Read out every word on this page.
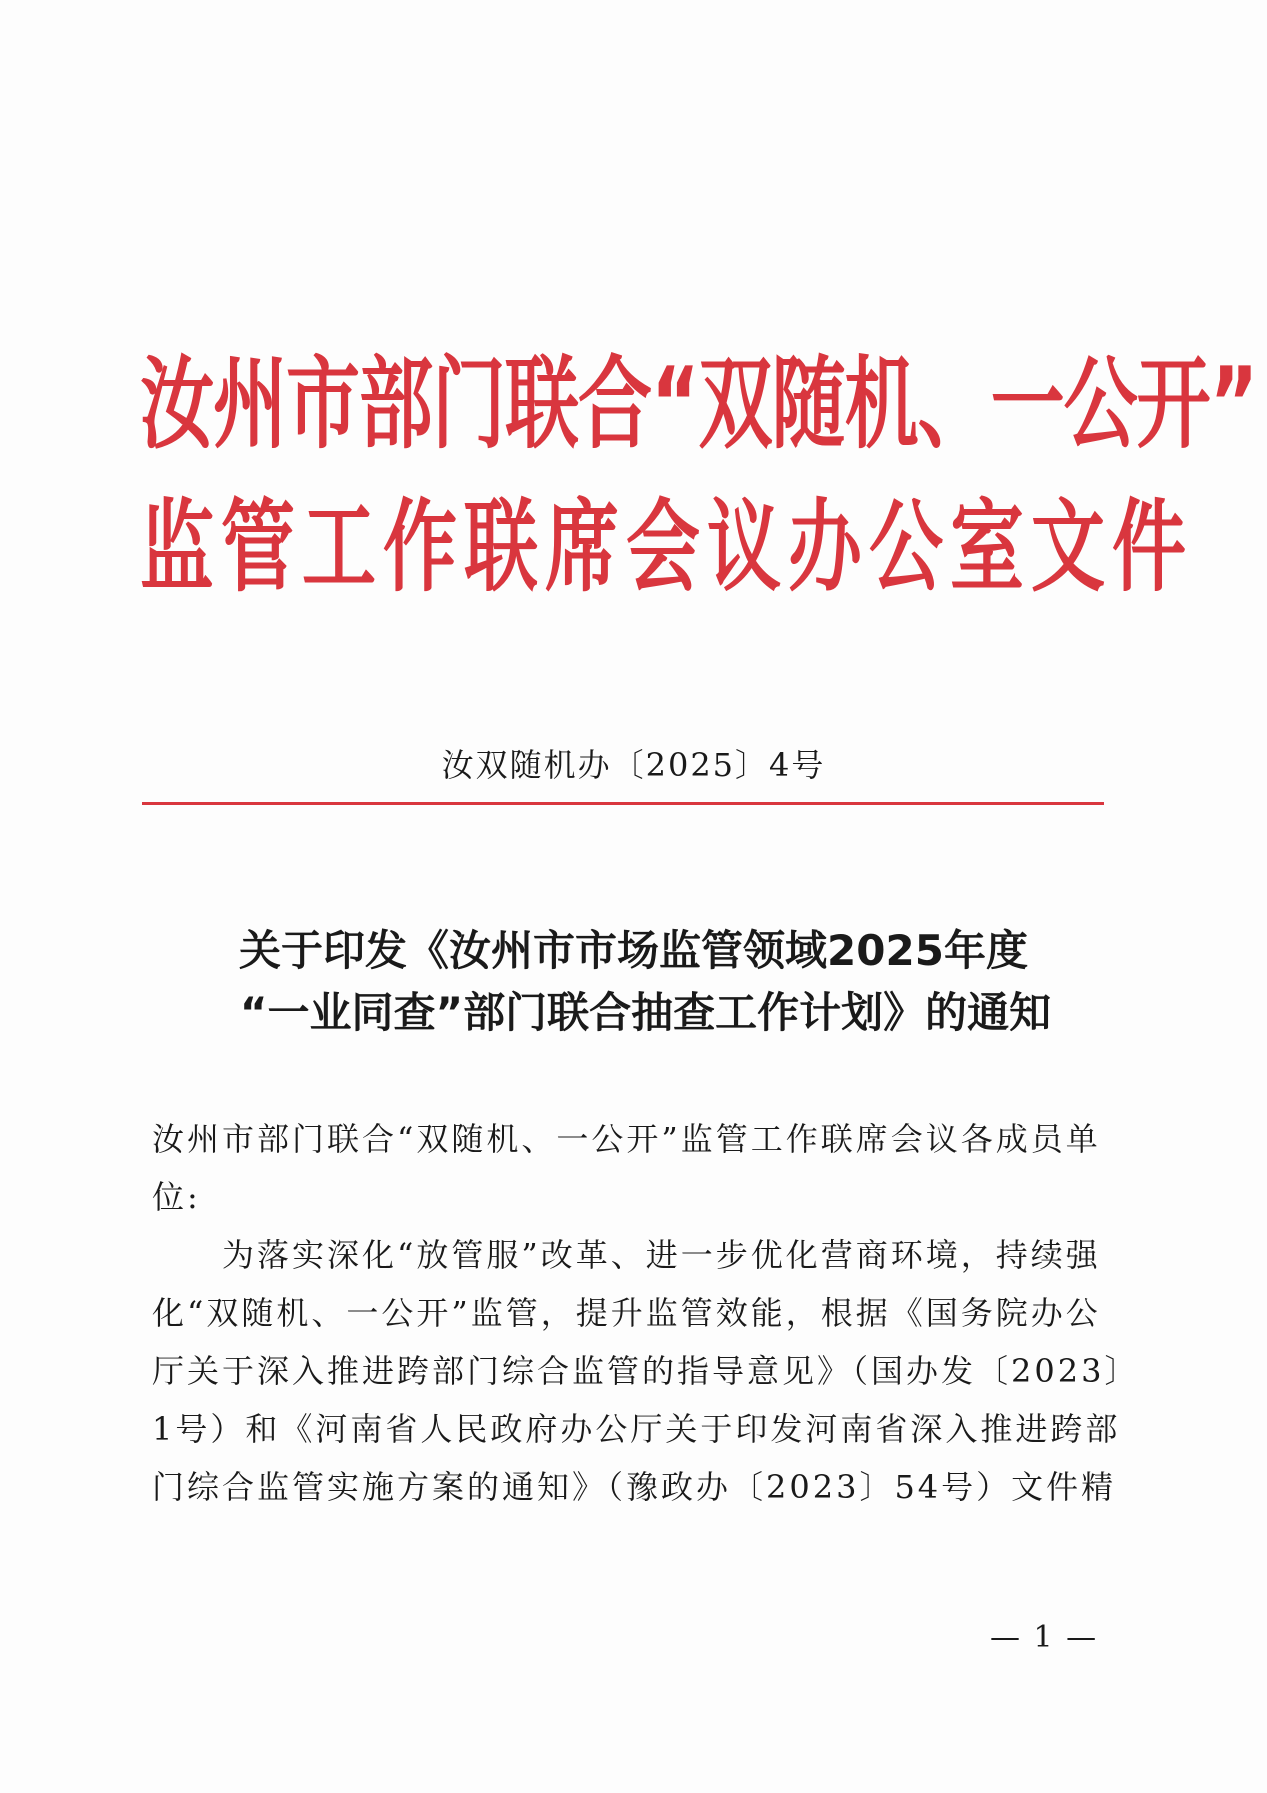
汝州市部门联合“双随机、一公开”
监管工作联席会议办公室文件
汝双随机办〔2025〕4号
关于印发《汝州市市场监管领域2025年度
“一业同查”部门联合抽查工作计划》的通知
汝州市部门联合“双随机、一公开”监管工作联席会议各成员单
位:
　　为落实深化“放管服”改革、进一步优化营商环境，持续强
化“双随机、一公开”监管，提升监管效能，根据《国务院办公
厅关于深入推进跨部门综合监管的指导意见》（国办发〔2023〕
1号）和《河南省人民政府办公厅关于印发河南省深入推进跨部
门综合监管实施方案的通知》（豫政办〔2023〕54号）文件精
— 1 —
